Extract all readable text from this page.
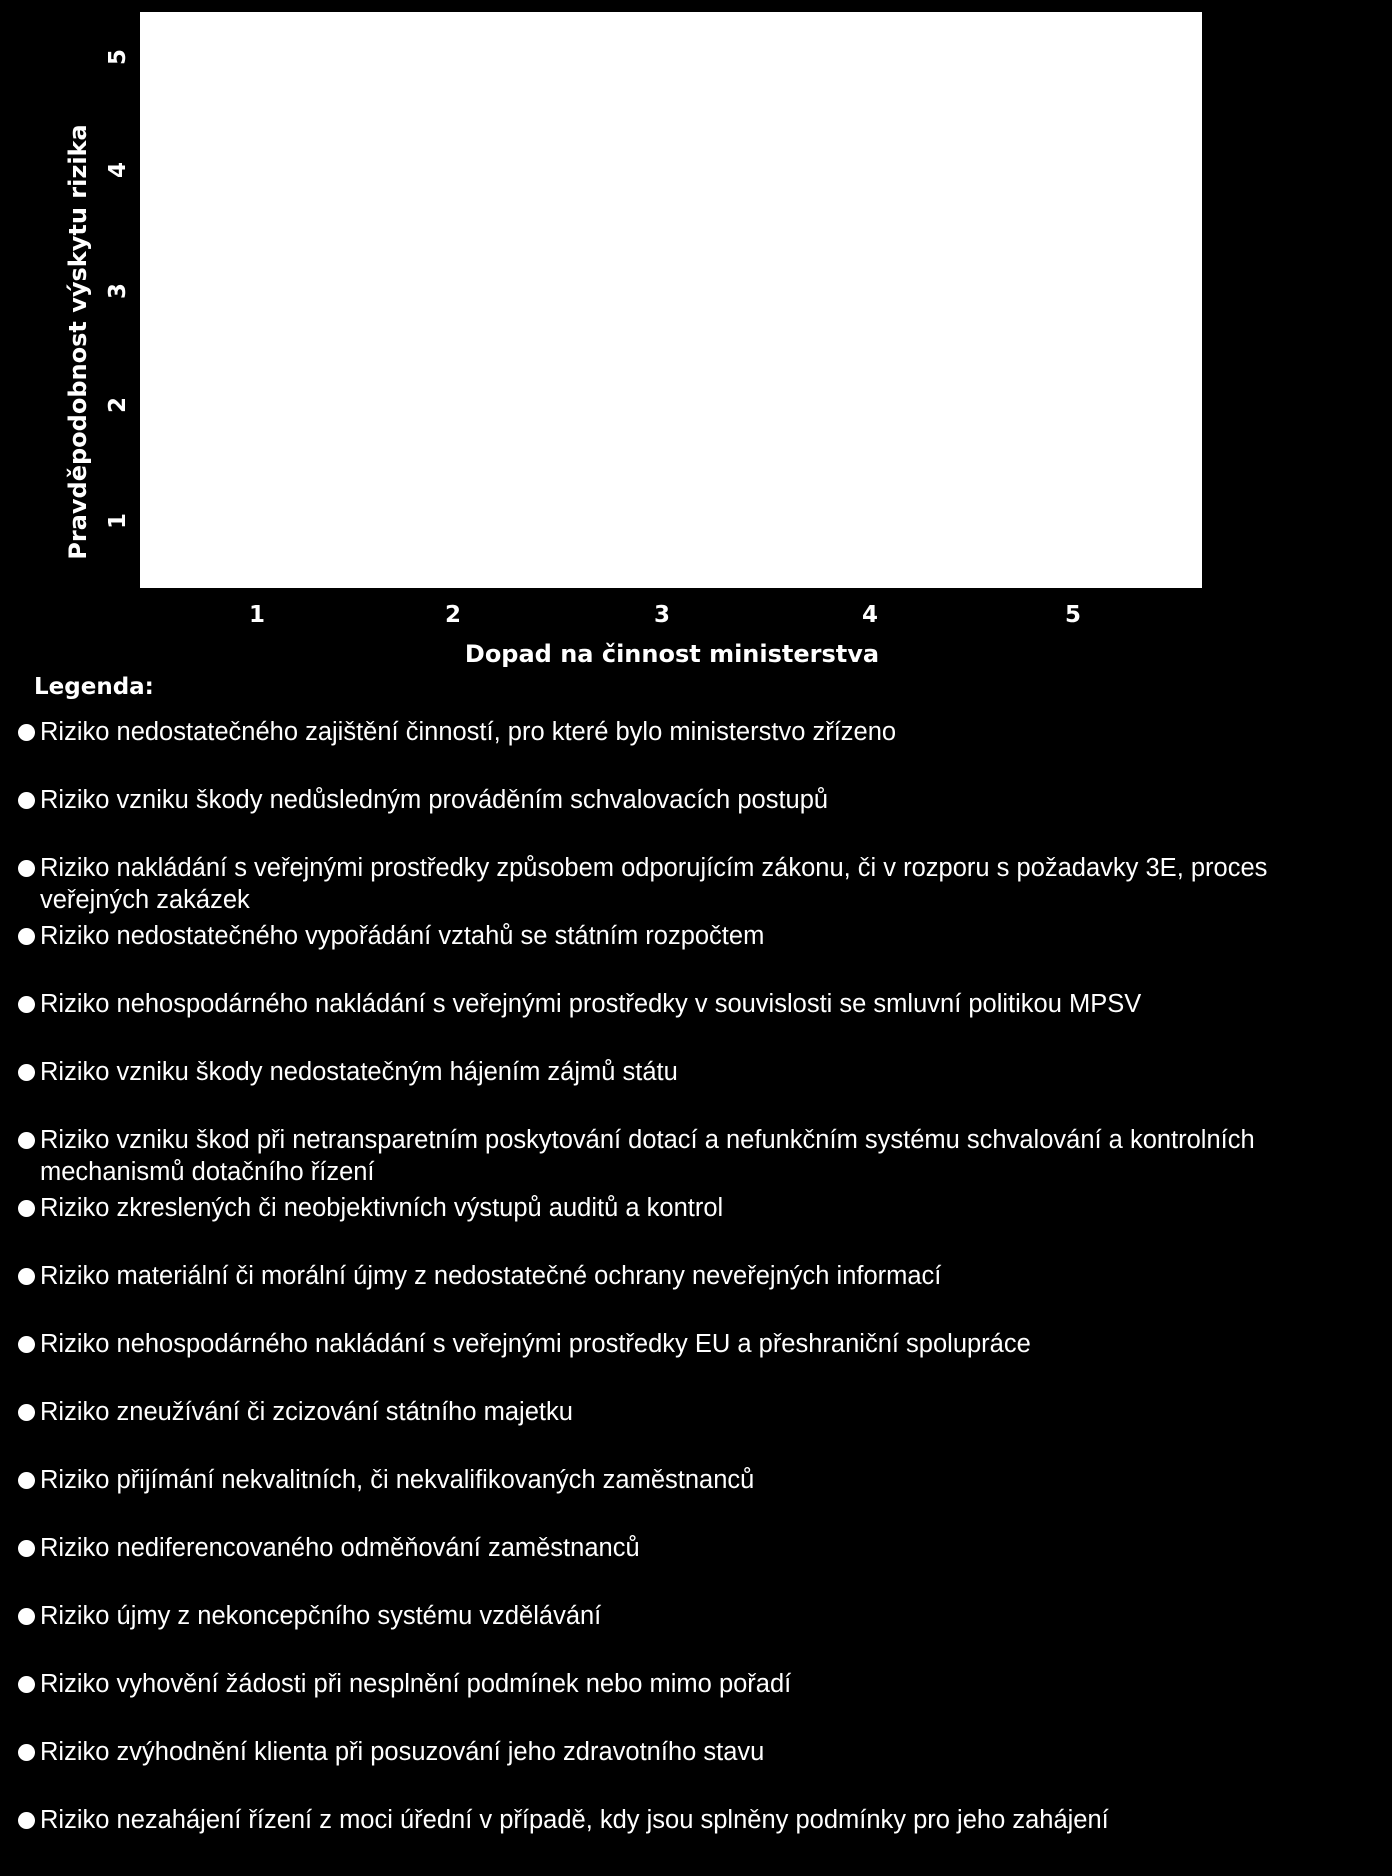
1	2	3	4	5
1
2
3
4
5
Dopad na činnost ministerstva
Pravděpodobnost výskytu rizika
Legenda:
Riziko nedostatečného zajištění činností, pro které bylo ministerstvo zřízeno
Riziko vzniku škody nedůsledným prováděním schvalovacích postupů
Riziko nakládání s veřejnými prostředky způsobem odporujícím zákonu, či v rozporu s požadavky 3E, proces veřejných zakázek
Riziko nedostatečného vypořádání vztahů se státním rozpočtem
Riziko nehospodárného nakládání s veřejnými prostředky v souvislosti se smluvní politikou MPSV
Riziko vzniku škody nedostatečným hájením zájmů státu
Riziko vzniku škod při netransparetním poskytování dotací a nefunkčním systému schvalování a kontrolních mechanismů dotačního řízení
Riziko zkreslených či neobjektivních výstupů auditů a kontrol
Riziko materiální či morální újmy z nedostatečné ochrany neveřejných informací
Riziko nehospodárného nakládání s veřejnými prostředky EU a přeshraniční spolupráce
Riziko zneužívání či zcizování státního majetku
Riziko přijímání nekvalitních, či nekvalifikovaných zaměstnanců
Riziko nediferencovaného odměňování zaměstnanců
Riziko újmy z nekoncepčního systému vzdělávání
Riziko vyhovění žádosti při nesplnění podmínek nebo mimo pořadí
Riziko zvýhodnění klienta při posuzování jeho zdravotního stavu
Riziko nezahájení řízení z moci úřední v případě, kdy jsou splněny podmínky pro jeho zahájení
